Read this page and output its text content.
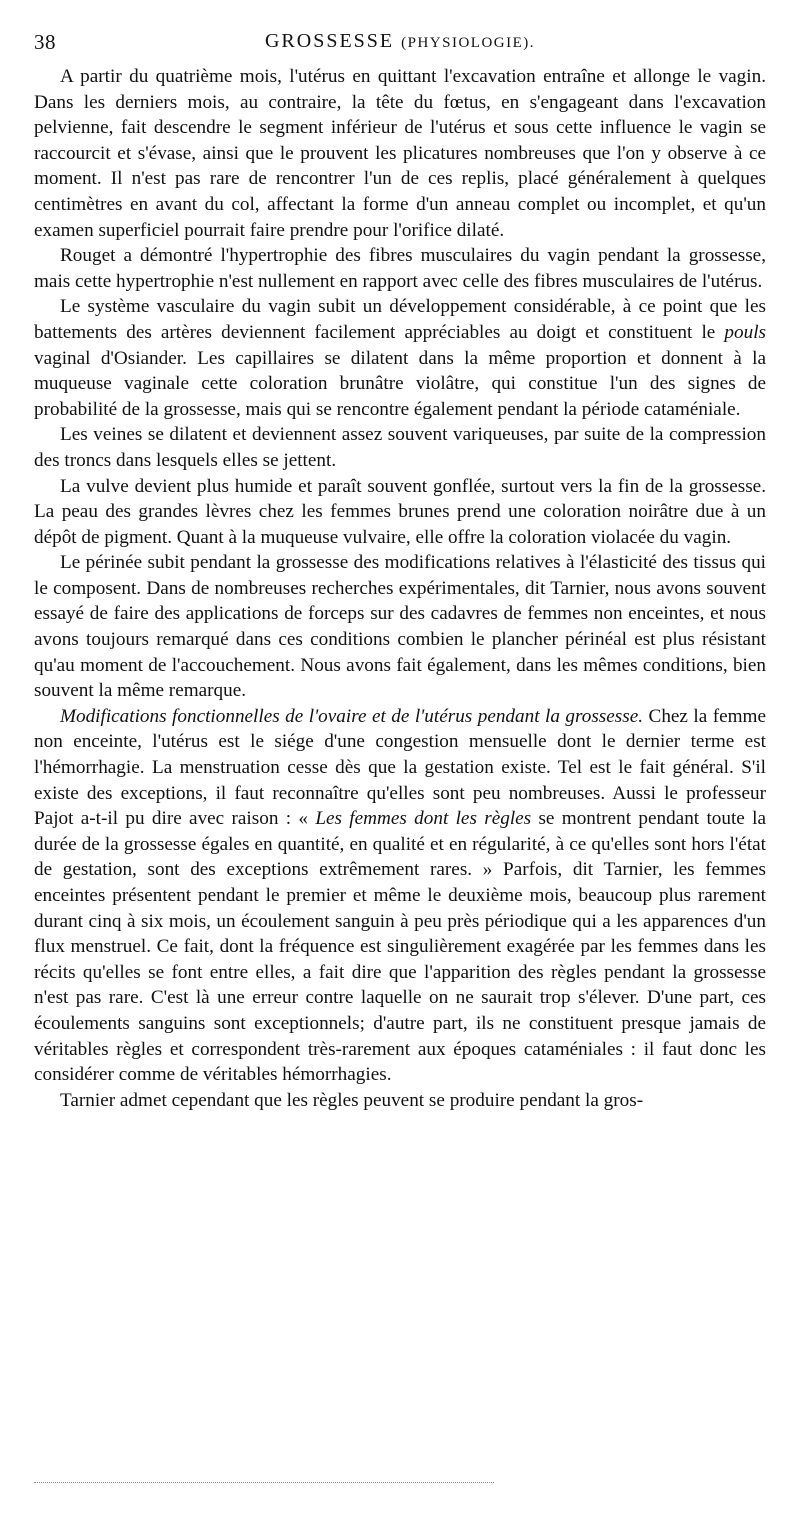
38	GROSSESSE (PHYSIOLOGIE).

A partir du quatrième mois, l'utérus en quittant l'excavation entraîne et allonge le vagin. Dans les derniers mois, au contraire, la tête du fœtus, en s'engageant dans l'excavation pelvienne, fait descendre le segment inférieur de l'utérus et sous cette influence le vagin se raccourcit et s'évase, ainsi que le prouvent les plicatures nombreuses que l'on y observe à ce moment. Il n'est pas rare de rencontrer l'un de ces replis, placé généralement à quelques centimètres en avant du col, affectant la forme d'un anneau complet ou incomplet, et qu'un examen superficiel pourrait faire prendre pour l'orifice dilaté.

Rouget a démontré l'hypertrophie des fibres musculaires du vagin pendant la grossesse, mais cette hypertrophie n'est nullement en rapport avec celle des fibres musculaires de l'utérus.

Le système vasculaire du vagin subit un développement considérable, à ce point que les battements des artères deviennent facilement appréciables au doigt et constituent le pouls vaginal d'Osiander. Les capillaires se dilatent dans la même proportion et donnent à la muqueuse vaginale cette coloration brunâtre violâtre, qui constitue l'un des signes de probabilité de la grossesse, mais qui se rencontre également pendant la période cataméniale.

Les veines se dilatent et deviennent assez souvent variqueuses, par suite de la compression des troncs dans lesquels elles se jettent.

La vulve devient plus humide et paraît souvent gonflée, surtout vers la fin de la grossesse. La peau des grandes lèvres chez les femmes brunes prend une coloration noirâtre due à un dépôt de pigment. Quant à la muqueuse vulvaire, elle offre la coloration violacée du vagin.

Le périnée subit pendant la grossesse des modifications relatives à l'élasticité des tissus qui le composent. Dans de nombreuses recherches expérimentales, dit Tarnier, nous avons souvent essayé de faire des applications de forceps sur des cadavres de femmes non enceintes, et nous avons toujours remarqué dans ces conditions combien le plancher périnéal est plus résistant qu'au moment de l'accouchement. Nous avons fait également, dans les mêmes conditions, bien souvent la même remarque.

Modifications fonctionnelles de l'ovaire et de l'utérus pendant la grossesse. Chez la femme non enceinte, l'utérus est le siége d'une congestion mensuelle dont le dernier terme est l'hémorrhagie. La menstruation cesse dès que la gestation existe. Tel est le fait général. S'il existe des exceptions, il faut reconnaître qu'elles sont peu nombreuses. Aussi le professeur Pajot a-t-il pu dire avec raison : « Les femmes dont les règles se montrent pendant toute la durée de la grossesse égales en quantité, en qualité et en régularité, à ce qu'elles sont hors l'état de gestation, sont des exceptions extrêmement rares. » Parfois, dit Tarnier, les femmes enceintes présentent pendant le premier et même le deuxième mois, beaucoup plus rarement durant cinq à six mois, un écoulement sanguin à peu près périodique qui a les apparences d'un flux menstruel. Ce fait, dont la fréquence est singulièrement exagérée par les femmes dans les récits qu'elles se font entre elles, a fait dire que l'apparition des règles pendant la grossesse n'est pas rare. C'est là une erreur contre laquelle on ne saurait trop s'élever. D'une part, ces écoulements sanguins sont exceptionnels; d'autre part, ils ne constituent presque jamais de véritables règles et correspondent très-rarement aux époques cataméniales : il faut donc les considérer comme de véritables hémorrhagies.

Tarnier admet cependant que les règles peuvent se produire pendant la gros-
